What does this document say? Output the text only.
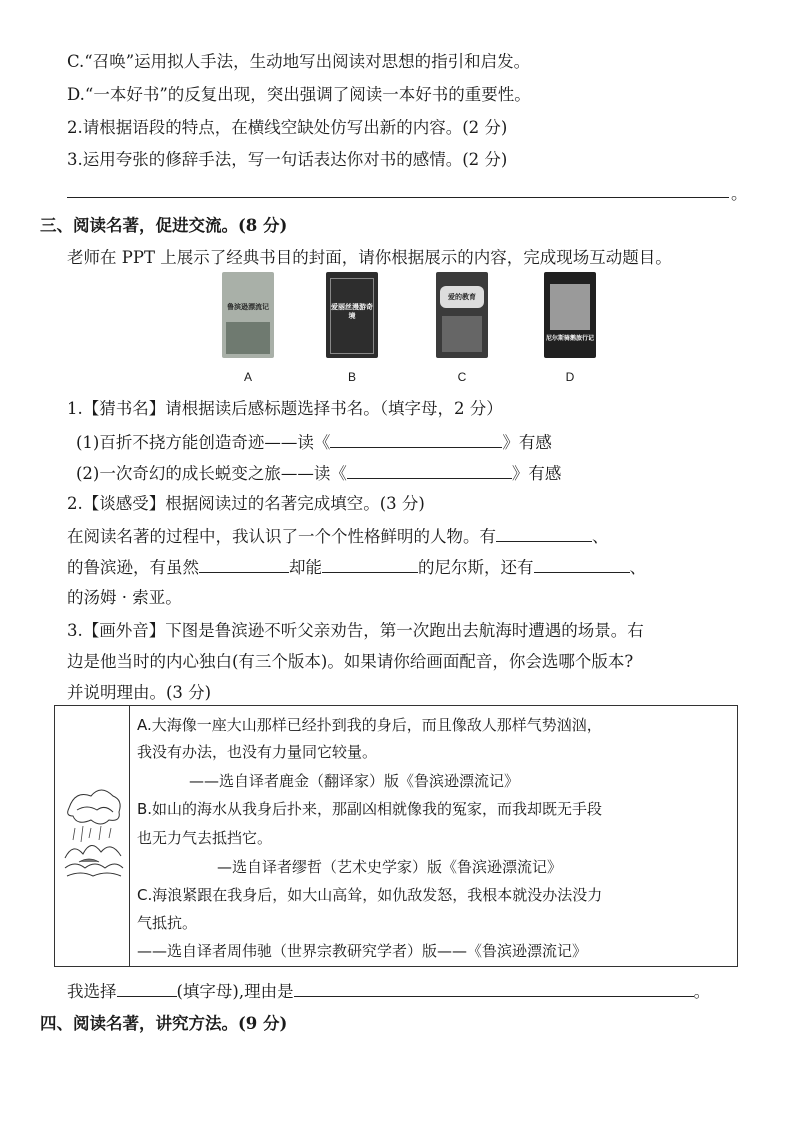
C.“召唤”运用拟人手法，生动地写出阅读对思想的指引和启发。
D.“一本好书”的反复出现，突出强调了阅读一本好书的重要性。
2.请根据语段的特点，在横线空缺处仿写出新的内容。(2 分)
3.运用夸张的修辞手法，写一句话表达你对书的感情。(2 分)
。
三、阅读名著，促进交流。(8 分)
老师在 PPT 上展示了经典书目的封面，请你根据展示的内容，完成现场互动题目。
鲁滨逊漂流记
A
爱丽丝漫游奇境
B
爱的教育
C
尼尔斯骑鹅旅行记
D
1.【猜书名】请根据读后感标题选择书名。（填字母，2 分）
(1)百折不挠方能创造奇迹——读《	》有感
(2)一次奇幻的成长蜕变之旅——读《	》有感
2.【谈感受】根据阅读过的名著完成填空。(3 分)
在阅读名著的过程中，我认识了一个个性格鲜明的人物。有	、
的鲁滨逊，有虽然	却能	的尼尔斯，还有	、
的汤姆 · 索亚。
3.【画外音】下图是鲁滨逊不听父亲劝告，第一次跑出去航海时遭遇的场景。右
边是他当时的内心独白(有三个版本)。如果请你给画面配音，你会选哪个版本?
并说明理由。(3 分)
A.大海像一座大山那样已经扑到我的身后，而且像敌人那样气势汹汹，
我没有办法，也没有力量同它较量。
——选自译者鹿金（翻译家）版《鲁滨逊漂流记》
B.如山的海水从我身后扑来，那副凶相就像我的冤家，而我却既无手段
也无力气去抵挡它。
—选自译者缪哲（艺术史学家）版《鲁滨逊漂流记》
C.海浪紧跟在我身后，如大山高耸，如仇敌发怒，我根本就没办法没力
气抵抗。
——选自译者周伟驰（世界宗教研究学者）版——《鲁滨逊漂流记》
我选择	(填字母),理由是	。
四、阅读名著，讲究方法。(9 分)
